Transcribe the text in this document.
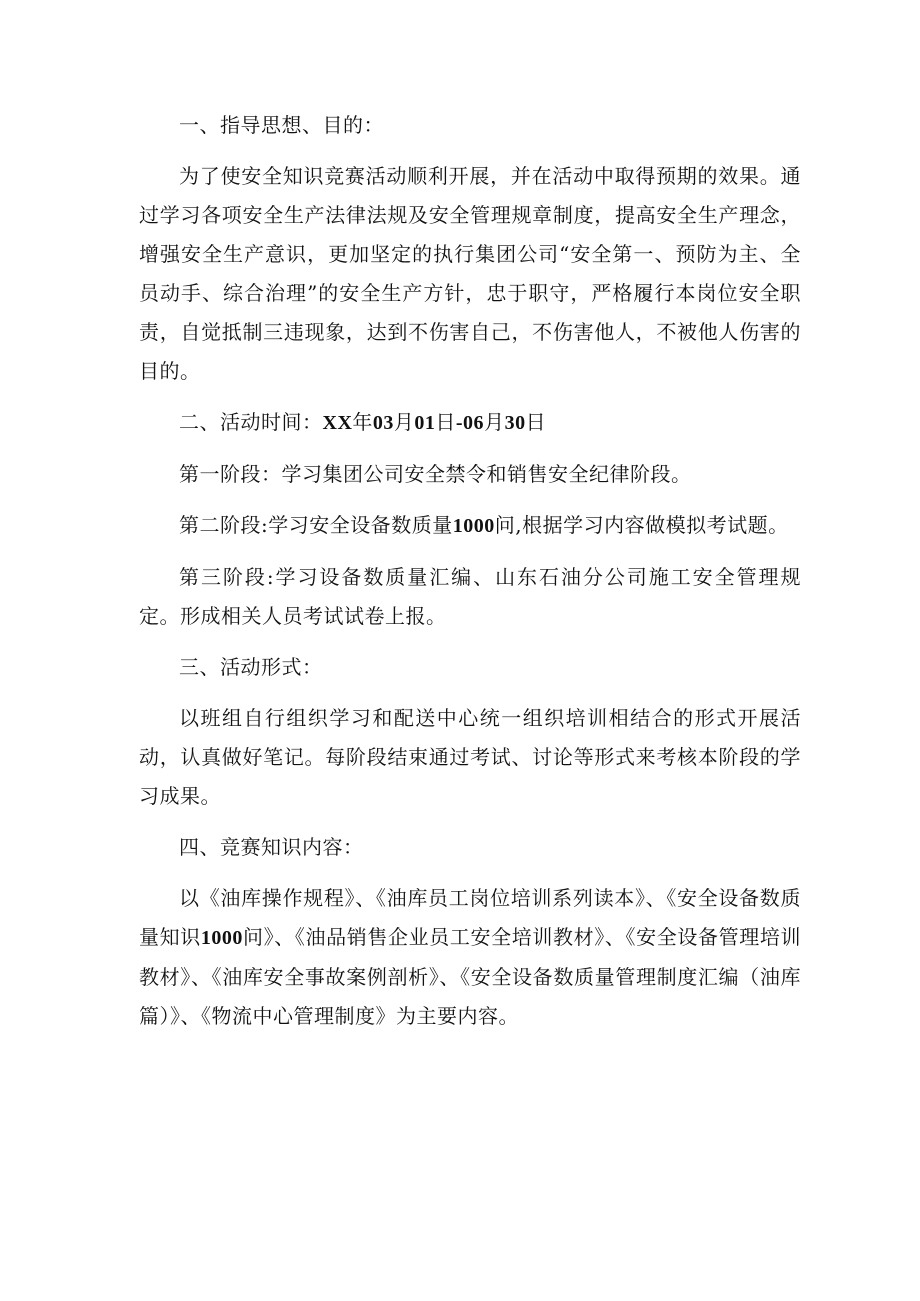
一、指导思想、目的：

为了使安全知识竞赛活动顺利开展，并在活动中取得预期的效果。通过学习各项安全生产法律法规及安全管理规章制度，提高安全生产理念，增强安全生产意识，更加坚定的执行集团公司“安全第一、预防为主、全员动手、综合治理”的安全生产方针，忠于职守，严格履行本岗位安全职责，自觉抵制三违现象，达到不伤害自己，不伤害他人，不被他人伤害的目的。

二、活动时间：XX年03月01日-06月30日

第一阶段：学习集团公司安全禁令和销售安全纪律阶段。

第二阶段:学习安全设备数质量1000问,根据学习内容做模拟考试题。

第三阶段:学习设备数质量汇编、山东石油分公司施工安全管理规定。形成相关人员考试试卷上报。

三、活动形式：

以班组自行组织学习和配送中心统一组织培训相结合的形式开展活动，认真做好笔记。每阶段结束通过考试、讨论等形式来考核本阶段的学习成果。

四、竞赛知识内容：

以《油库操作规程》、《油库员工岗位培训系列读本》、《安全设备数质量知识1000问》、《油品销售企业员工安全培训教材》、《安全设备管理培训教材》、《油库安全事故案例剖析》、《安全设备数质量管理制度汇编（油库篇）》、《物流中心管理制度》为主要内容。
